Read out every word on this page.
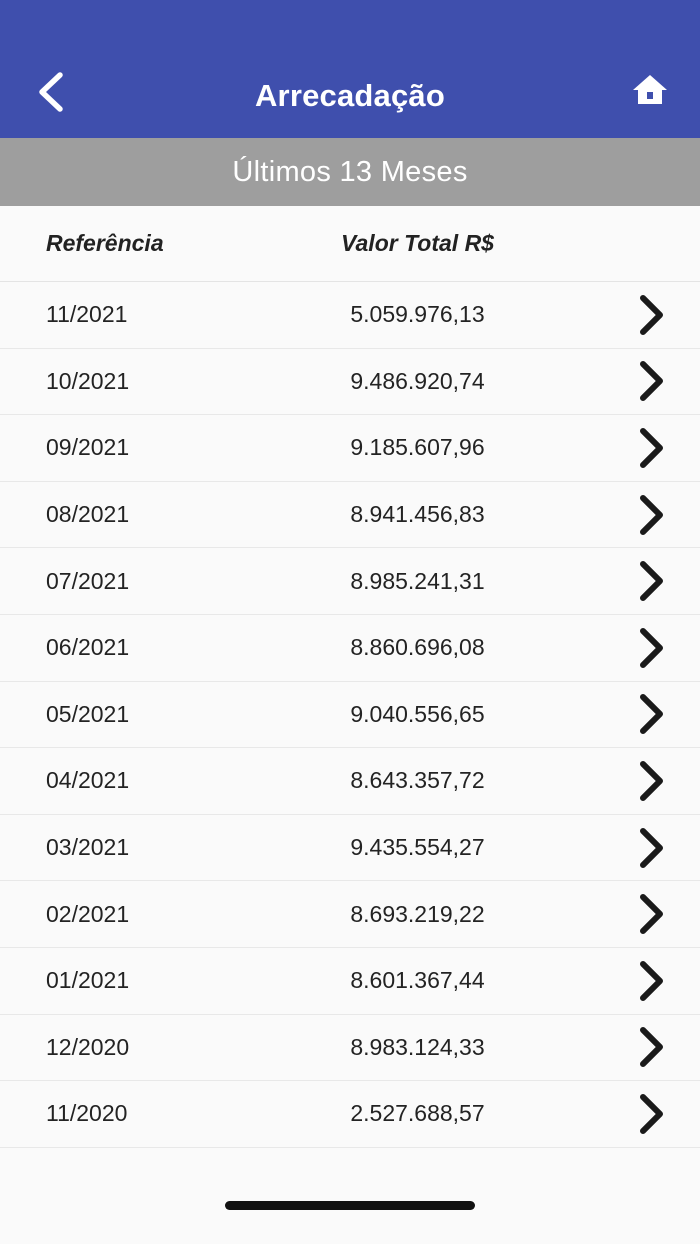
Arrecadação
Últimos 13 Meses
Referência	Valor Total R$
11/2021	5.059.976,13
10/2021	9.486.920,74
09/2021	9.185.607,96
08/2021	8.941.456,83
07/2021	8.985.241,31
06/2021	8.860.696,08
05/2021	9.040.556,65
04/2021	8.643.357,72
03/2021	9.435.554,27
02/2021	8.693.219,22
01/2021	8.601.367,44
12/2020	8.983.124,33
11/2020	2.527.688,57
